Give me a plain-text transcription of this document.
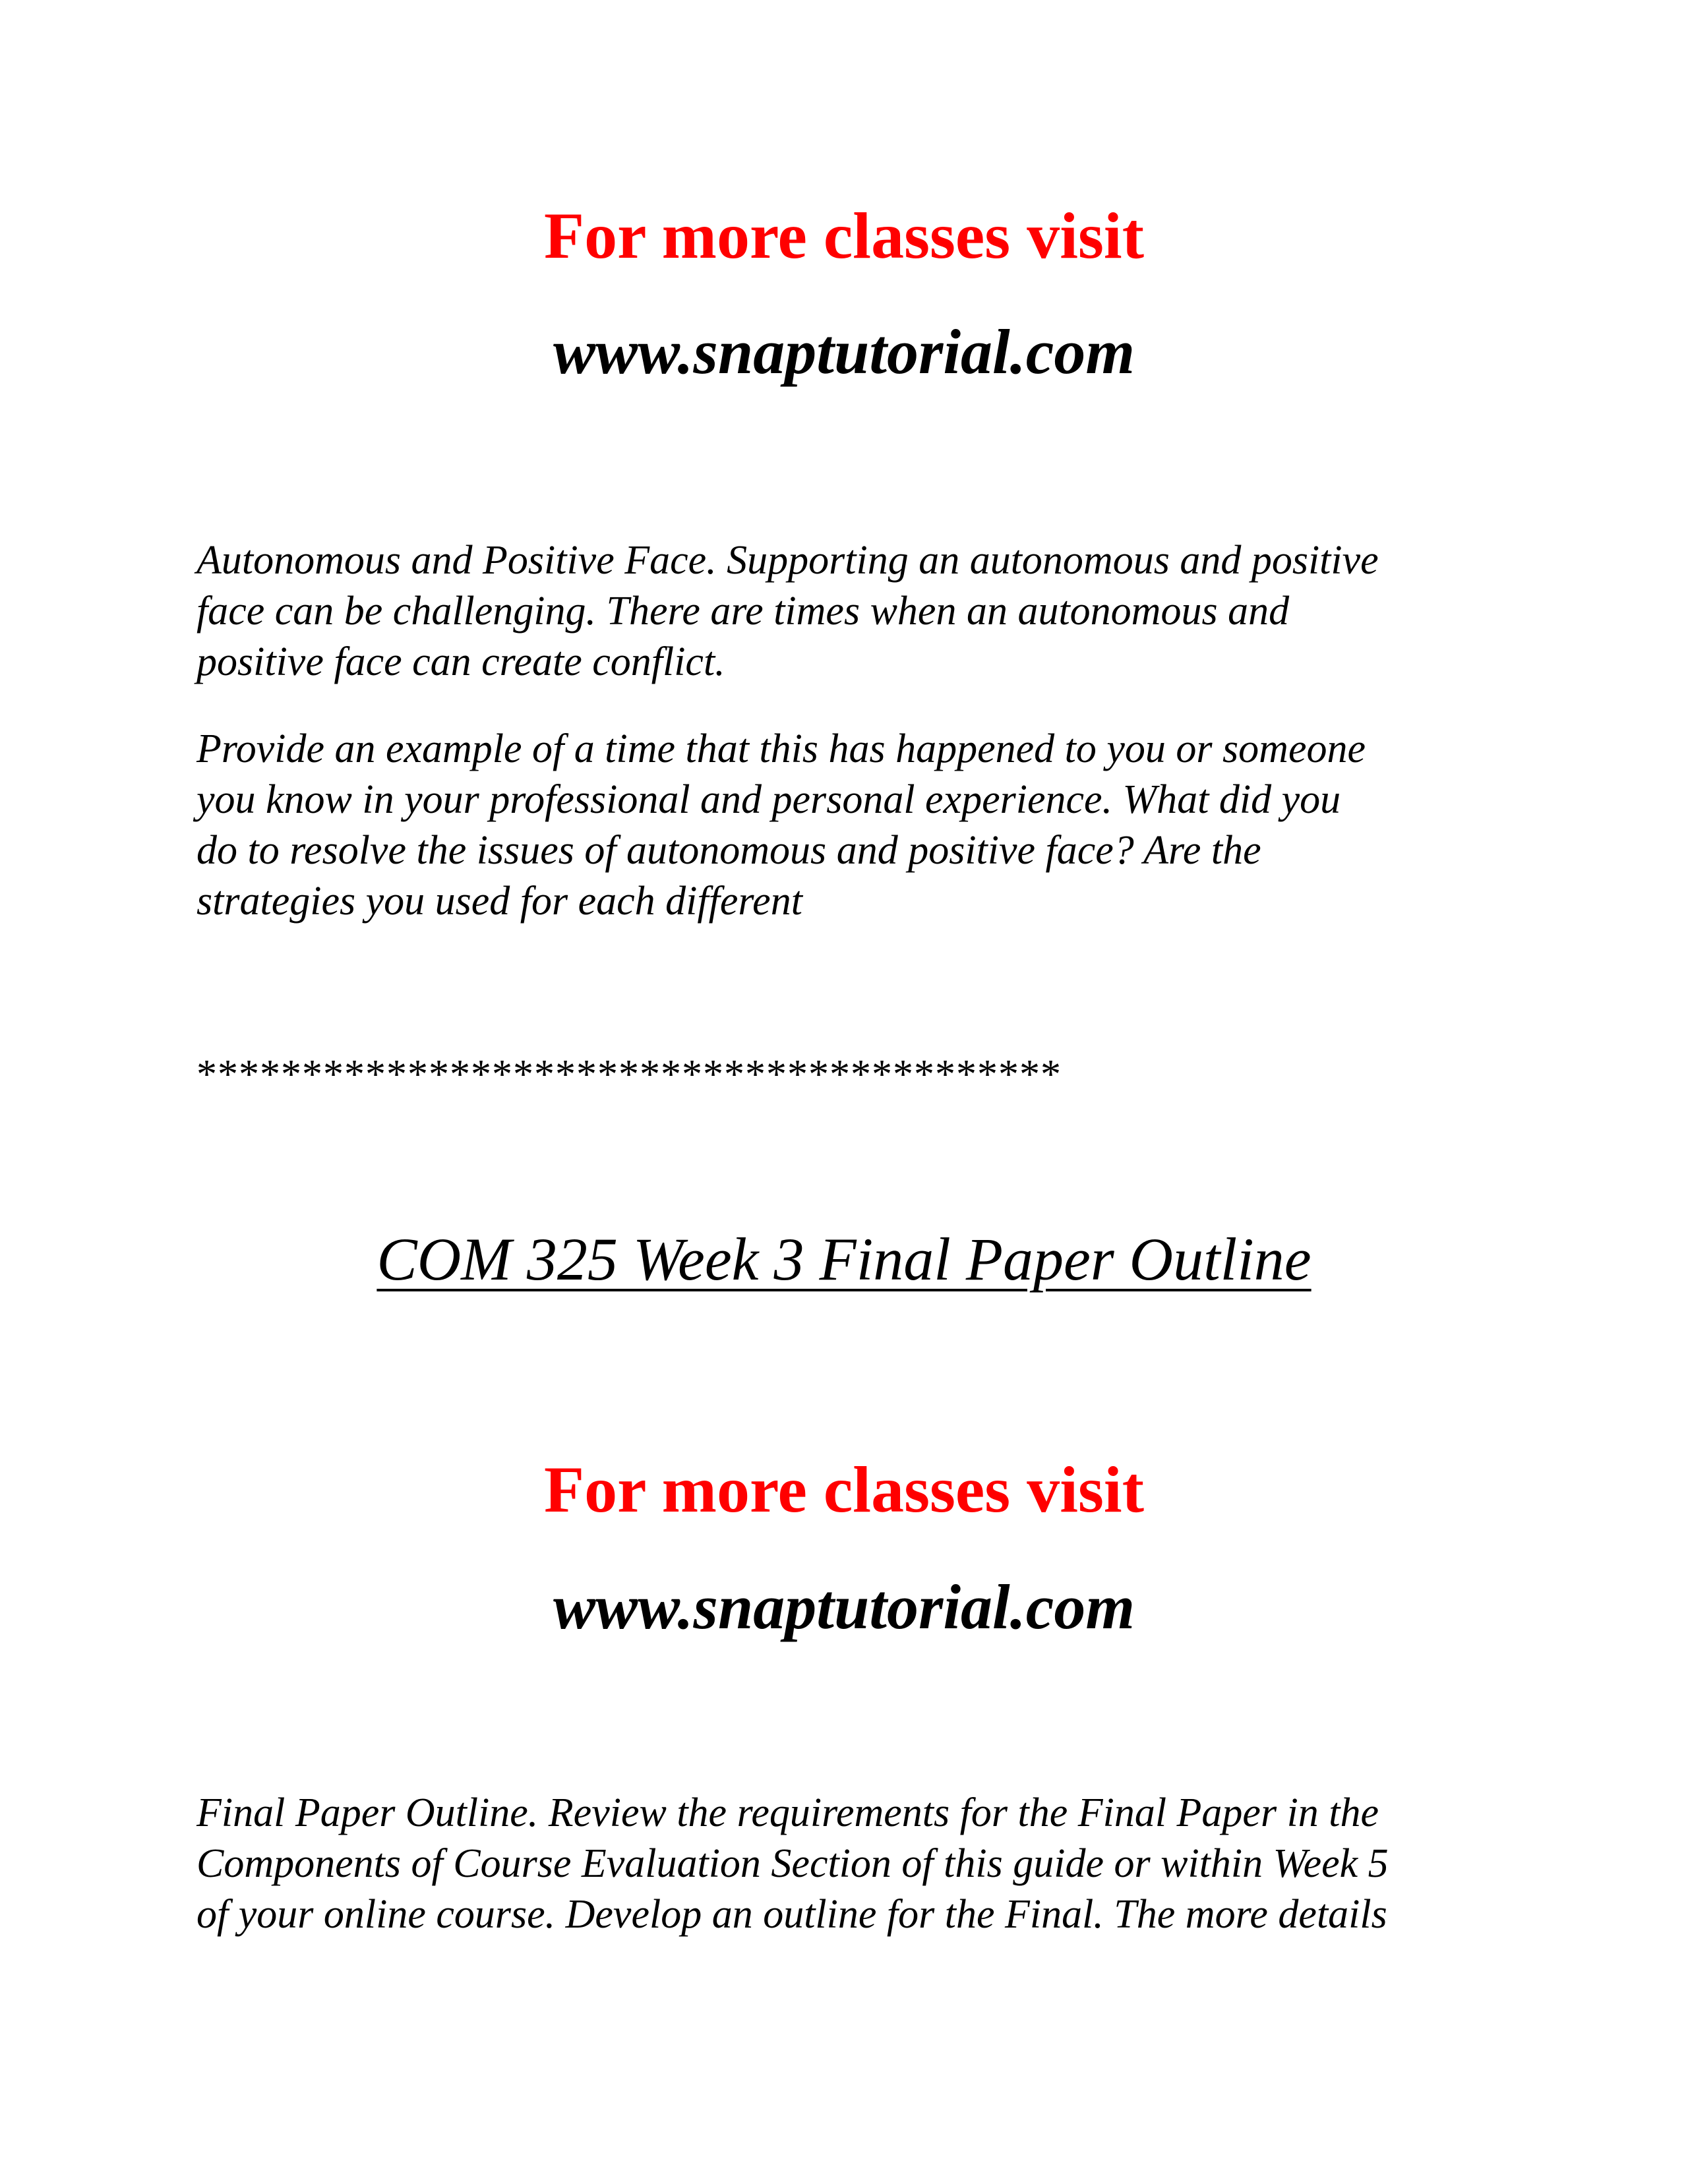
For more classes visit
www.snaptutorial.com
Autonomous and Positive Face. Supporting an autonomous and positive
face can be challenging. There are times when an autonomous and
positive face can create conflict.
Provide an example of a time that this has happened to you or someone
you know in your professional and personal experience. What did you
do to resolve the issues of autonomous and positive face? Are the
strategies you used for each different
*****************************************
COM 325 Week 3 Final Paper Outline
For more classes visit
www.snaptutorial.com
Final Paper Outline. Review the requirements for the Final Paper in the
Components of Course Evaluation Section of this guide or within Week 5
of your online course. Develop an outline for the Final. The more details
